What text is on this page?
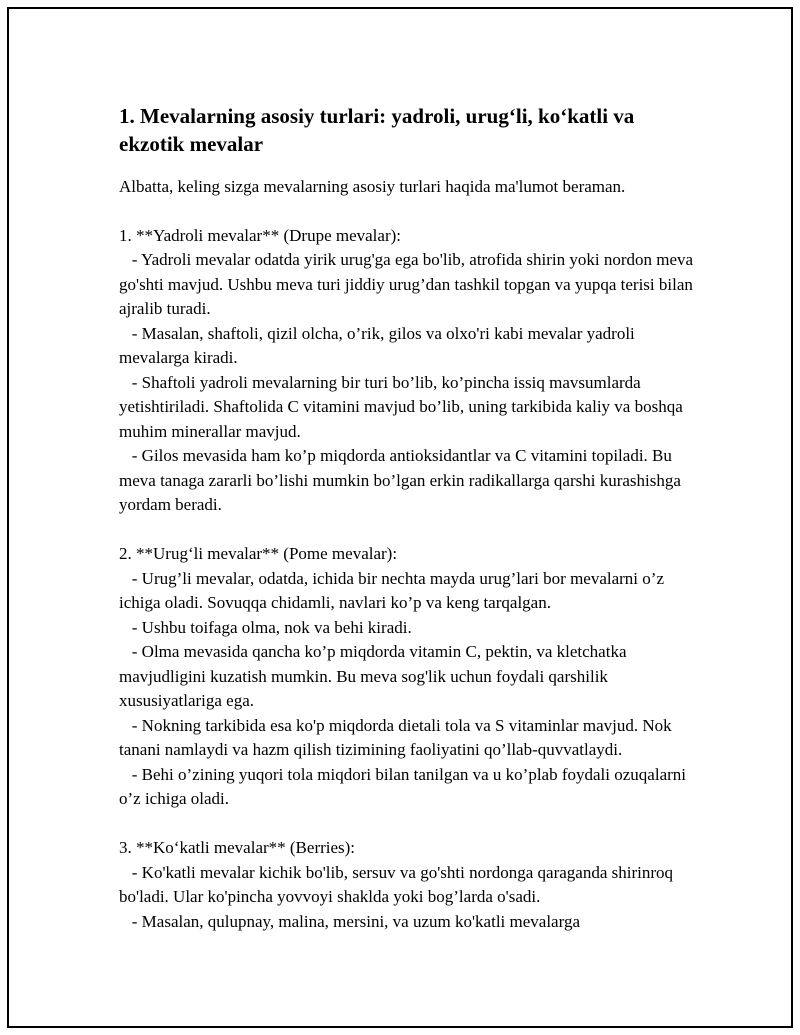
1. Mevalarning asosiy turlari: yadroli, urug‘li, ko‘katli va ekzotik mevalar

Albatta, keling sizga mevalarning asosiy turlari haqida ma'lumot beraman.

1. **Yadroli mevalar** (Drupe mevalar):

- Yadroli mevalar odatda yirik urug'ga ega bo'lib, atrofida shirin yoki nordon meva go'shti mavjud. Ushbu meva turi jiddiy urug’dan tashkil topgan va yupqa terisi bilan ajralib turadi.

- Masalan, shaftoli, qizil olcha, o’rik, gilos va olxo'ri kabi mevalar yadroli mevalarga kiradi.

- Shaftoli yadroli mevalarning bir turi bo’lib, ko’pincha issiq mavsumlarda yetishtiriladi. Shaftolida C vitamini mavjud bo’lib, uning tarkibida kaliy va boshqa muhim minerallar mavjud.

- Gilos mevasida ham ko’p miqdorda antioksidantlar va C vitamini topiladi. Bu meva tanaga zararli bo’lishi mumkin bo’lgan erkin radikallarga qarshi kurashishga yordam beradi.

2. **Urug‘li mevalar** (Pome mevalar):

- Urug’li mevalar, odatda, ichida bir nechta mayda urug’lari bor mevalarni o’z ichiga oladi. Sovuqqa chidamli, navlari ko’p va keng tarqalgan.

- Ushbu toifaga olma, nok va behi kiradi.

- Olma mevasida qancha ko’p miqdorda vitamin C, pektin, va kletchatka mavjudligini kuzatish mumkin. Bu meva sog'lik uchun foydali qarshilik xususiyatlariga ega.

- Nokning tarkibida esa ko'p miqdorda dietali tola va S vitaminlar mavjud. Nok tanani namlaydi va hazm qilish tizimining faoliyatini qo’llab-quvvatlaydi.

- Behi o’zining yuqori tola miqdori bilan tanilgan va u ko’plab foydali ozuqalarni o’z ichiga oladi.

3. **Ko‘katli mevalar** (Berries):

- Ko'katli mevalar kichik bo'lib, sersuv va go'shti nordonga qaraganda shirinroq bo'ladi. Ular ko'pincha yovvoyi shaklda yoki bog’larda o'sadi.

- Masalan, qulupnay, malina, mersini, va uzum ko'katli mevalarga
